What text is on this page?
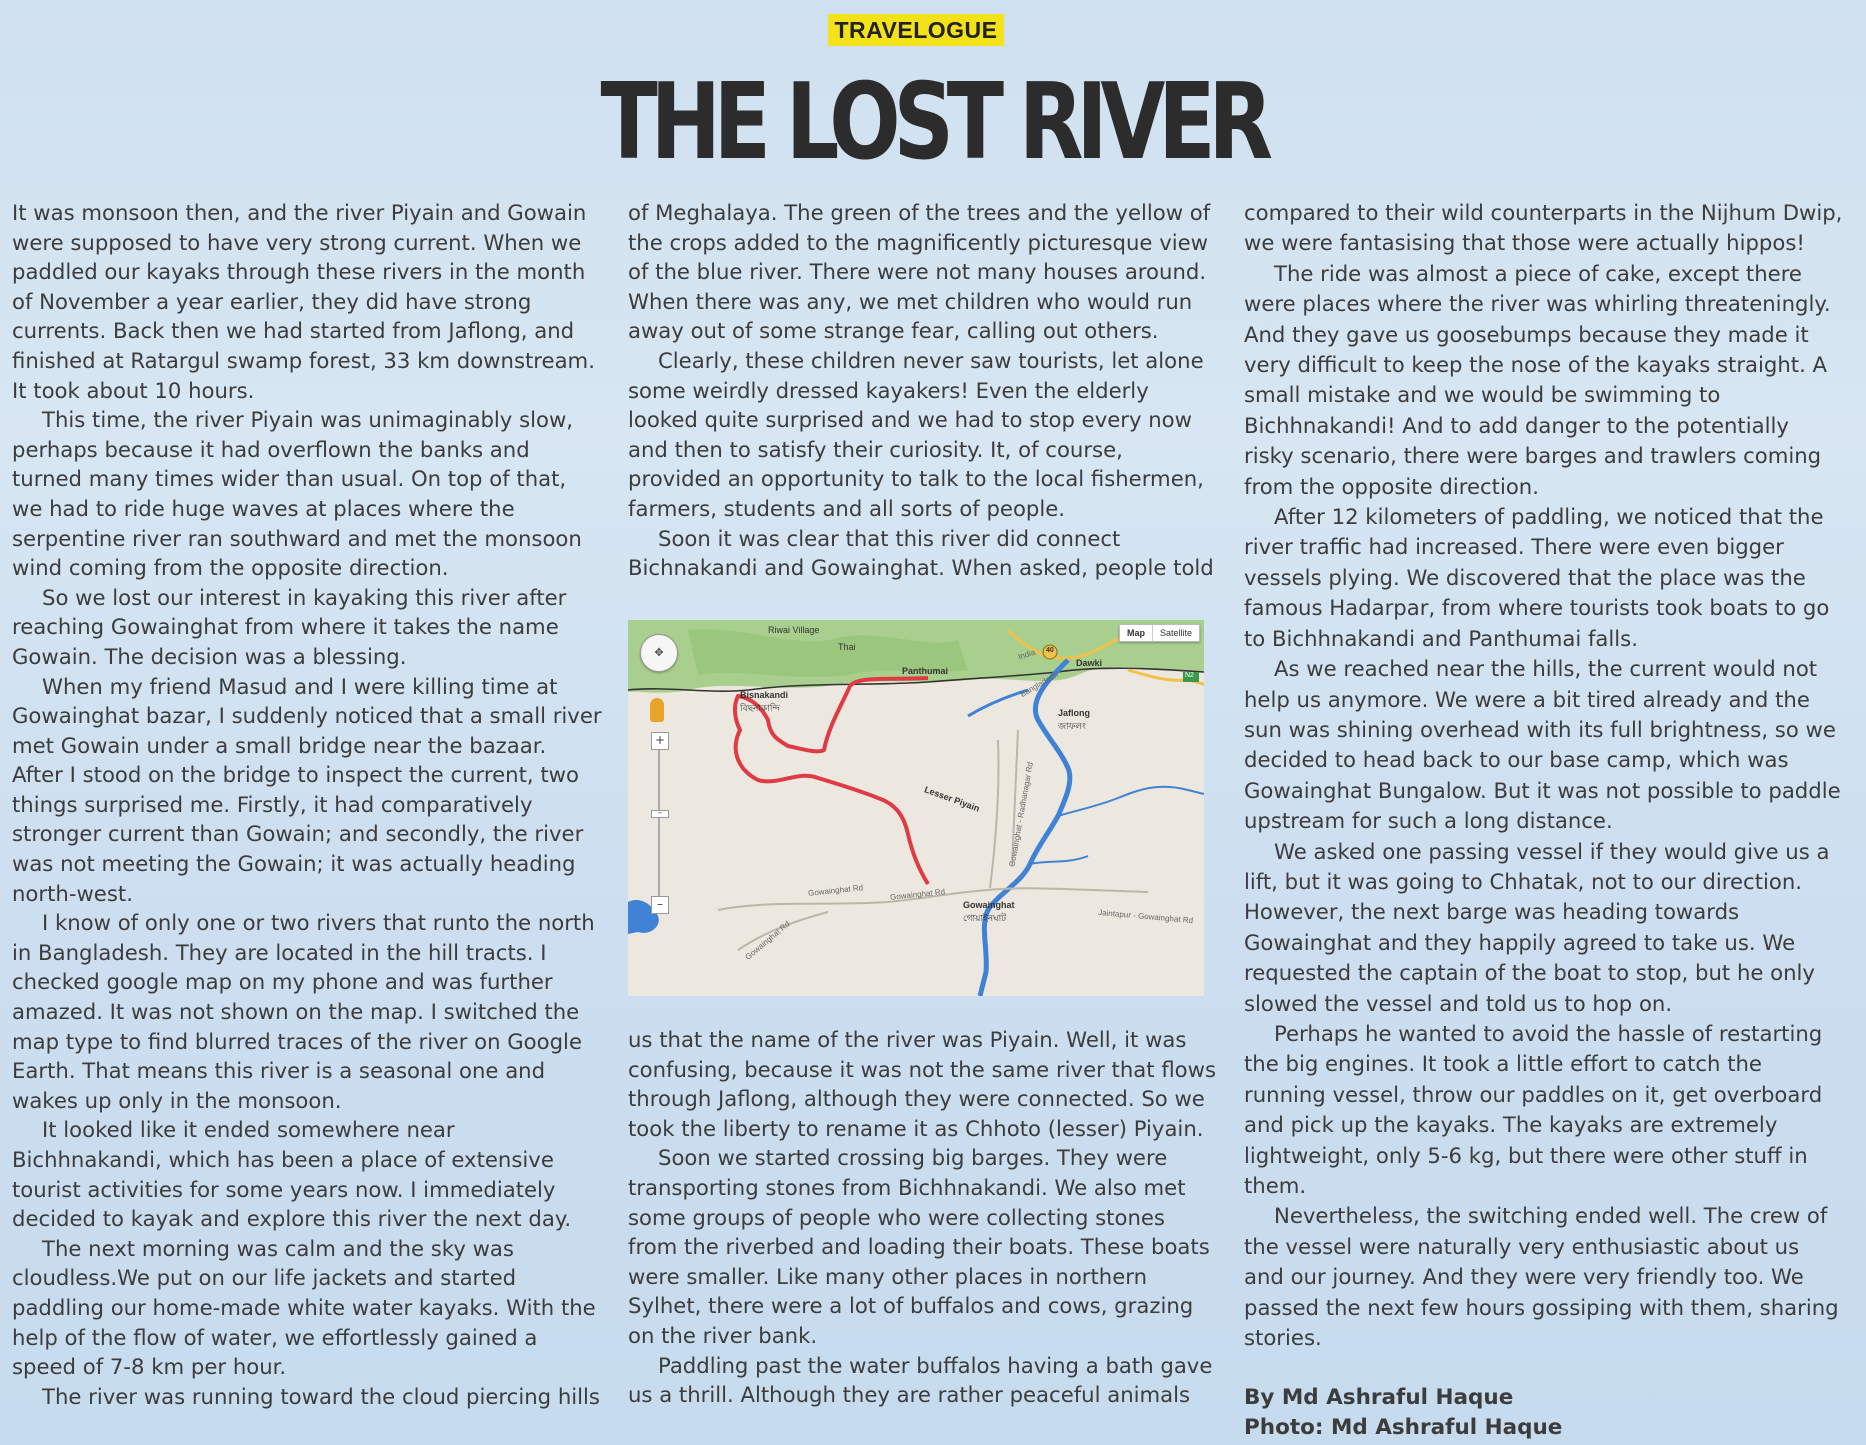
TRAVELOGUE
THE LOST RIVER

It was monsoon then, and the river Piyain and Gowain were supposed to have very strong current. When we paddled our kayaks through these rivers in the month of November a year earlier, they did have strong currents. Back then we had started from Jaflong, and finished at Ratargul swamp forest, 33 km downstream. It took about 10 hours.

This time, the river Piyain was unimaginably slow, perhaps because it had overflown the banks and turned many times wider than usual. On top of that, we had to ride huge waves at places where the serpentine river ran southward and met the monsoon wind coming from the opposite direction.

So we lost our interest in kayaking this river after reaching Gowainghat from where it takes the name Gowain. The decision was a blessing.

When my friend Masud and I were killing time at Gowainghat bazar, I suddenly noticed that a small river met Gowain under a small bridge near the bazaar. After I stood on the bridge to inspect the current, two things surprised me. Firstly, it had comparatively stronger current than Gowain; and secondly, the river was not meeting the Gowain; it was actually heading north-west.

I know of only one or two rivers that runto the north in Bangladesh. They are located in the hill tracts. I checked google map on my phone and was further amazed. It was not shown on the map. I switched the map type to find blurred traces of the river on Google Earth. That means this river is a seasonal one and wakes up only in the monsoon.

It looked like it ended somewhere near Bichhnakandi, which has been a place of extensive tourist activities for some years now. I immediately decided to kayak and explore this river the next day.

The next morning was calm and the sky was cloudless.We put on our life jackets and started paddling our home-made white water kayaks. With the help of the flow of water, we effortlessly gained a speed of 7-8 km per hour.

The river was running toward the cloud piercing hills

of Meghalaya. The green of the trees and the yellow of the crops added to the magnificently picturesque view of the blue river. There were not many houses around. When there was any, we met children who would run away out of some strange fear, calling out others.

Clearly, these children never saw tourists, let alone some weirdly dressed kayakers! Even the elderly looked quite surprised and we had to stop every now and then to satisfy their curiosity. It, of course, provided an opportunity to talk to the local fishermen, farmers, students and all sorts of people.

Soon it was clear that this river did connect Bichnakandi and Gowainghat. When asked, people told

Map	Satellite
✥
+
–
–
Riwai Village
Thai
Panthumai
Bisnakandi
বিছনাকান্দি
India
Bangladesh
Dawki
Jaflong
জাফলং
Lesser Piyain
Gowainghat
গোয়াইনঘাট
Gowainghat Rd	Gowainghat Rd
Gowainghat Rd
Gowainghat - Radhanagar Rd
Jaintapur - Gowainghat Rd
40
N2

us that the name of the river was Piyain. Well, it was confusing, because it was not the same river that flows through Jaflong, although they were connected. So we took the liberty to rename it as Chhoto (lesser) Piyain.

Soon we started crossing big barges. They were transporting stones from Bichhnakandi. We also met some groups of people who were collecting stones from the riverbed and loading their boats. These boats were smaller. Like many other places in northern Sylhet, there were a lot of buffalos and cows, grazing on the river bank.

Paddling past the water buffalos having a bath gave us a thrill. Although they are rather peaceful animals

compared to their wild counterparts in the Nijhum Dwip, we were fantasising that those were actually hippos!

The ride was almost a piece of cake, except there were places where the river was whirling threateningly. And they gave us goosebumps because they made it very difficult to keep the nose of the kayaks straight. A small mistake and we would be swimming to Bichhnakandi! And to add danger to the potentially risky scenario, there were barges and trawlers coming from the opposite direction.

After 12 kilometers of paddling, we noticed that the river traffic had increased. There were even bigger vessels plying. We discovered that the place was the famous Hadarpar, from where tourists took boats to go to Bichhnakandi and Panthumai falls.

As we reached near the hills, the current would not help us anymore. We were a bit tired already and the sun was shining overhead with its full brightness, so we decided to head back to our base camp, which was Gowainghat Bungalow. But it was not possible to paddle upstream for such a long distance.

We asked one passing vessel if they would give us a lift, but it was going to Chhatak, not to our direction. However, the next barge was heading towards Gowainghat and they happily agreed to take us. We requested the captain of the boat to stop, but he only slowed the vessel and told us to hop on.

Perhaps he wanted to avoid the hassle of restarting the big engines. It took a little effort to catch the running vessel, throw our paddles on it, get overboard and pick up the kayaks. The kayaks are extremely lightweight, only 5-6 kg, but there were other stuff in them.

Nevertheless, the switching ended well. The crew of the vessel were naturally very enthusiastic about us and our journey. And they were very friendly too. We passed the next few hours gossiping with them, sharing stories.

By Md Ashraful Haque
Photo: Md Ashraful Haque
